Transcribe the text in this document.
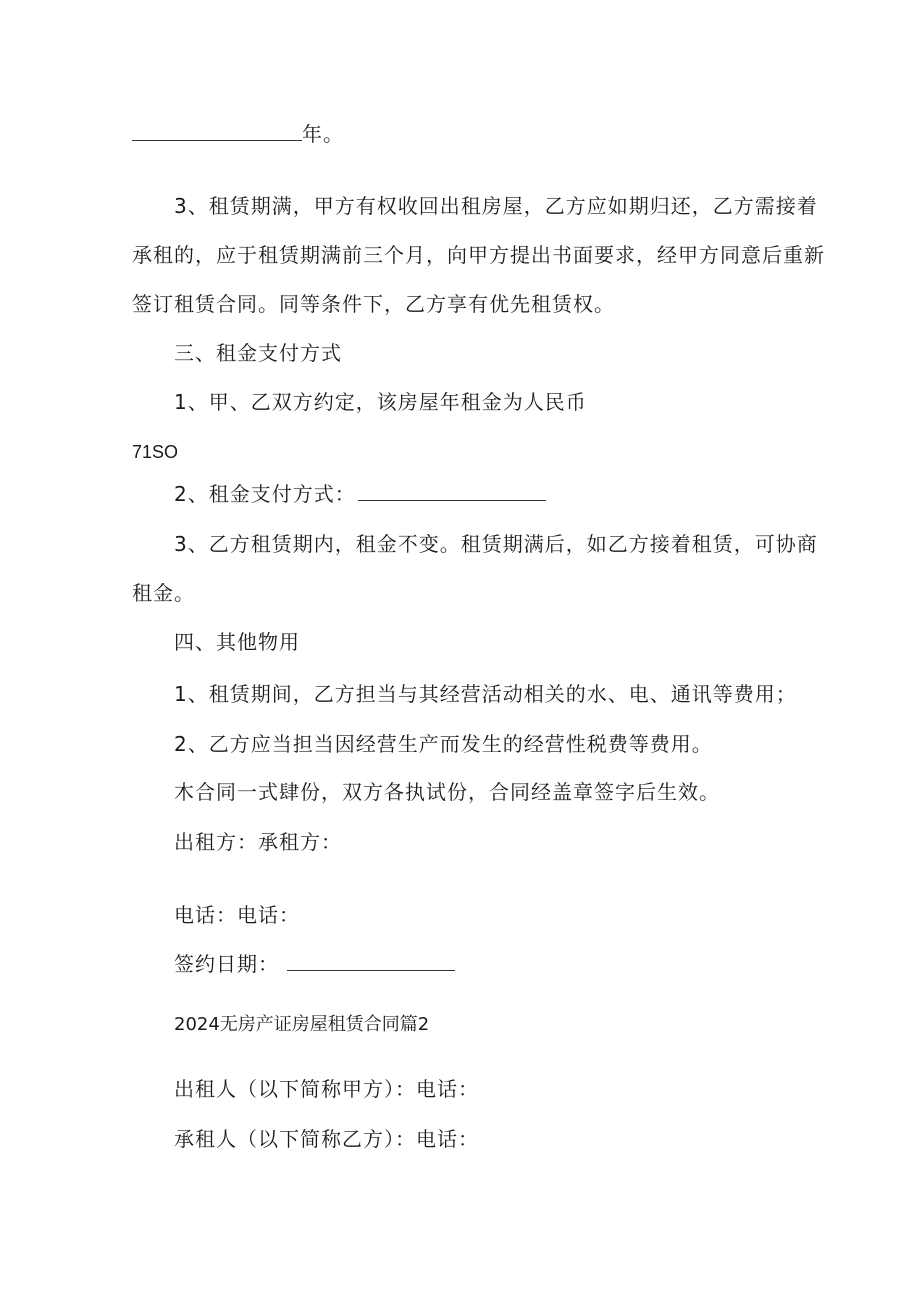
年。
3、租赁期满，甲方有权收回出租房屋，乙方应如期归还，乙方需接着
承租的，应于租赁期满前三个月，向甲方提出书面要求，经甲方同意后重新
签订租赁合同。同等条件下，乙方享有优先租赁权。
三、租金支付方式
1、甲、乙双方约定，该房屋年租金为人民币
71SO
2、租金支付方式：
3、乙方租赁期内，租金不变。租赁期满后，如乙方接着租赁，可协商
租金。
四、其他物用
1、租赁期间，乙方担当与其经营活动相关的水、电、通讯等费用；
2、乙方应当担当因经营生产而发生的经营性税费等费用。
木合同一式肆份，双方各执试份，合同经盖章签字后生效。
出租方：承租方：
电话：电话：
签约日期：
2024无房产证房屋租赁合同篇2
出租人（以下简称甲方）：电话：
承租人（以下简称乙方）：电话：
